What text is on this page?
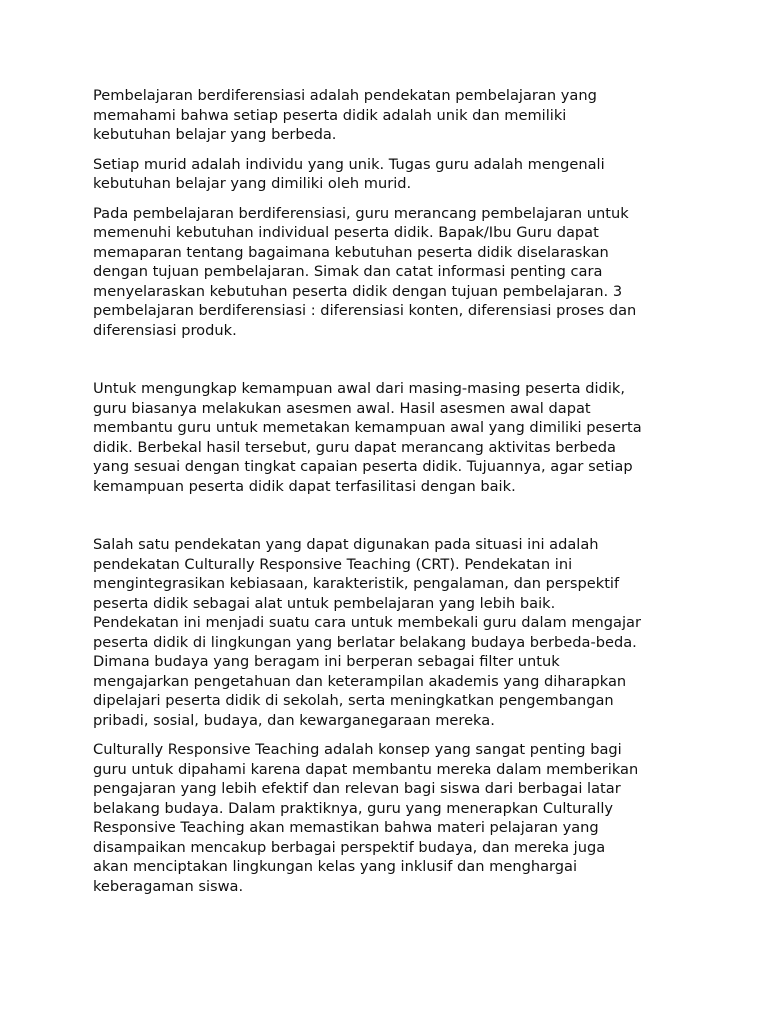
Pembelajaran berdiferensiasi adalah pendekatan pembelajaran yang
memahami bahwa setiap peserta didik adalah unik dan memiliki
kebutuhan belajar yang berbeda.

Setiap murid adalah individu yang unik. Tugas guru adalah mengenali
kebutuhan belajar yang dimiliki oleh murid.

Pada pembelajaran berdiferensiasi, guru merancang pembelajaran untuk
memenuhi kebutuhan individual peserta didik. Bapak/Ibu Guru dapat
memaparan tentang bagaimana kebutuhan peserta didik diselaraskan
dengan tujuan pembelajaran. Simak dan catat informasi penting cara
menyelaraskan kebutuhan peserta didik dengan tujuan pembelajaran. 3
pembelajaran berdiferensiasi : diferensiasi konten, diferensiasi proses dan
diferensiasi produk.

Untuk mengungkap kemampuan awal dari masing-masing peserta didik,
guru biasanya melakukan asesmen awal. Hasil asesmen awal dapat
membantu guru untuk memetakan kemampuan awal yang dimiliki peserta
didik. Berbekal hasil tersebut, guru dapat merancang aktivitas berbeda
yang sesuai dengan tingkat capaian peserta didik. Tujuannya, agar setiap
kemampuan peserta didik dapat terfasilitasi dengan baik.

Salah satu pendekatan yang dapat digunakan pada situasi ini adalah
pendekatan Culturally Responsive Teaching (CRT). Pendekatan ini
mengintegrasikan kebiasaan, karakteristik, pengalaman, dan perspektif
peserta didik sebagai alat untuk pembelajaran yang lebih baik.
Pendekatan ini menjadi suatu cara untuk membekali guru dalam mengajar
peserta didik di lingkungan yang berlatar belakang budaya berbeda-beda.
Dimana budaya yang beragam ini berperan sebagai filter untuk
mengajarkan pengetahuan dan keterampilan akademis yang diharapkan
dipelajari peserta didik di sekolah, serta meningkatkan pengembangan
pribadi, sosial, budaya, dan kewarganegaraan mereka.

Culturally Responsive Teaching adalah konsep yang sangat penting bagi
guru untuk dipahami karena dapat membantu mereka dalam memberikan
pengajaran yang lebih efektif dan relevan bagi siswa dari berbagai latar
belakang budaya. Dalam praktiknya, guru yang menerapkan Culturally
Responsive Teaching akan memastikan bahwa materi pelajaran yang
disampaikan mencakup berbagai perspektif budaya, dan mereka juga
akan menciptakan lingkungan kelas yang inklusif dan menghargai
keberagaman siswa.
